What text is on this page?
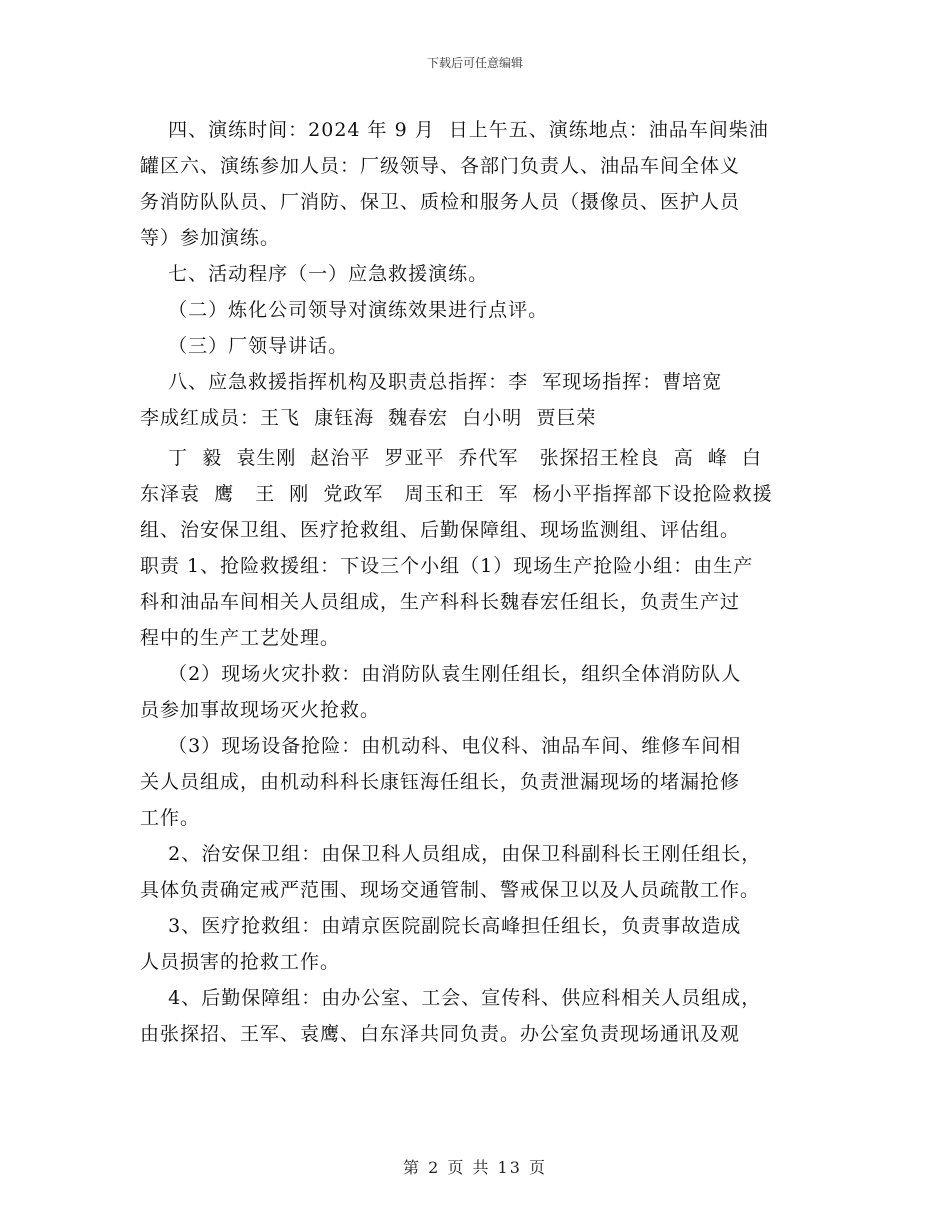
下载后可任意编辑
四、演练时间：2024 年 9 月  日上午五、演练地点：油品车间柴油
罐区六、演练参加人员：厂级领导、各部门负责人、油品车间全体义
务消防队队员、厂消防、保卫、质检和服务人员（摄像员、医护人员
等）参加演练。
七、活动程序（一）应急救援演练。
（二）炼化公司领导对演练效果进行点评。
（三）厂领导讲话。
八、应急救援指挥机构及职责总指挥：李  军现场指挥：曹培宽
李成红成员：王飞  康钰海  魏春宏  白小明  贾巨荣
丁  毅  袁生刚  赵治平  罗亚平  乔代军   张探招王栓良  高  峰  白
东泽袁  鹰   王  刚  党政军   周玉和王  军  杨小平指挥部下设抢险救援
组、治安保卫组、医疗抢救组、后勤保障组、现场监测组、评估组。
职责 1、抢险救援组：下设三个小组（1）现场生产抢险小组：由生产
科和油品车间相关人员组成，生产科科长魏春宏任组长，负责生产过
程中的生产工艺处理。
（2）现场火灾扑救：由消防队袁生刚任组长，组织全体消防队人
员参加事故现场灭火抢救。
（3）现场设备抢险：由机动科、电仪科、油品车间、维修车间相
关人员组成，由机动科科长康钰海任组长，负责泄漏现场的堵漏抢修
工作。
2、治安保卫组：由保卫科人员组成，由保卫科副科长王刚任组长，
具体负责确定戒严范围、现场交通管制、警戒保卫以及人员疏散工作。
3、医疗抢救组：由靖京医院副院长高峰担任组长，负责事故造成
人员损害的抢救工作。
4、后勤保障组：由办公室、工会、宣传科、供应科相关人员组成，
由张探招、王军、袁鹰、白东泽共同负责。办公室负责现场通讯及观
第 2 页 共 13 页
